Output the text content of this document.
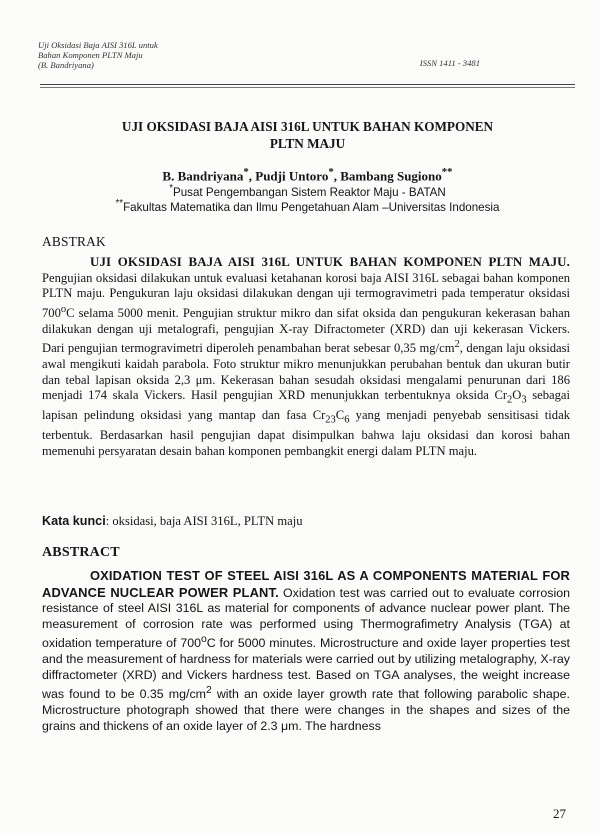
Uji Oksidasi Baja AISI 316L untuk
Bahan Komponen PLTN Maju
(B. Bandriyana)	ISSN 1411 - 3481
UJI OKSIDASI BAJA AISI 316L UNTUK BAHAN KOMPONEN
PLTN MAJU
B. Bandriyana*, Pudji Untoro*, Bambang Sugiono**
*Pusat Pengembangan Sistem Reaktor Maju - BATAN
**Fakultas Matematika dan Ilmu Pengetahuan Alam –Universitas Indonesia
ABSTRAK
UJI OKSIDASI BAJA AISI 316L UNTUK BAHAN KOMPONEN PLTN MAJU. Pengujian oksidasi dilakukan untuk evaluasi ketahanan korosi baja AISI 316L sebagai bahan komponen PLTN maju. Pengukuran laju oksidasi dilakukan dengan uji termogravimetri pada temperatur oksidasi 700$^o$C selama 5000 menit. Pengujian struktur mikro dan sifat oksida dan pengukuran kekerasan bahan dilakukan dengan uji metalografi, pengujian X-ray Difractometer (XRD) dan uji kekerasan Vickers. Dari pengujian termogravimetri diperoleh penambahan berat sebesar 0,35 $mg/cm^2$, dengan laju oksidasi awal mengikuti kaidah parabola. Foto struktur mikro menunjukkan perubahan bentuk dan ukuran butir dan tebal lapisan oksida 2,3 μm. Kekerasan bahan sesudah oksidasi mengalami penurunan dari 186 menjadi 174 skala Vickers. Hasil pengujian XRD menunjukkan terbentuknya oksida $Cr_2O_3$ sebagai lapisan pelindung oksidasi yang mantap dan fasa $Cr_{23}C_6$ yang menjadi penyebab sensitisasi tidak terbentuk. Berdasarkan hasil pengujian dapat disimpulkan bahwa laju oksidasi dan korosi bahan memenuhi persyaratan desain bahan komponen pembangkit energi dalam PLTN maju.
Kata kunci: oksidasi, baja AISI 316L, PLTN maju
ABSTRACT
OXIDATION TEST OF STEEL AISI 316L AS A COMPONENTS MATERIAL FOR ADVANCE NUCLEAR POWER PLANT. Oxidation test was carried out to evaluate corrosion resistance of steel AISI 316L as material for components of advance nuclear power plant. The measurement of corrosion rate was performed using Thermografimetry Analysis (TGA) at oxidation temperature of 700$^o$C for 5000 minutes. Microstructure and oxide layer properties test and the measurement of hardness for materials were carried out by utilizing metalography, X-ray diffractometer (XRD) and Vickers hardness test. Based on TGA analyses, the weight increase was found to be 0.35 $mg/cm^2$ with an oxide layer growth rate that following parabolic shape. Microstructure photograph showed that there were changes in the shapes and sizes of the grains and thickens of an oxide layer of 2.3 μm. The hardness
27
